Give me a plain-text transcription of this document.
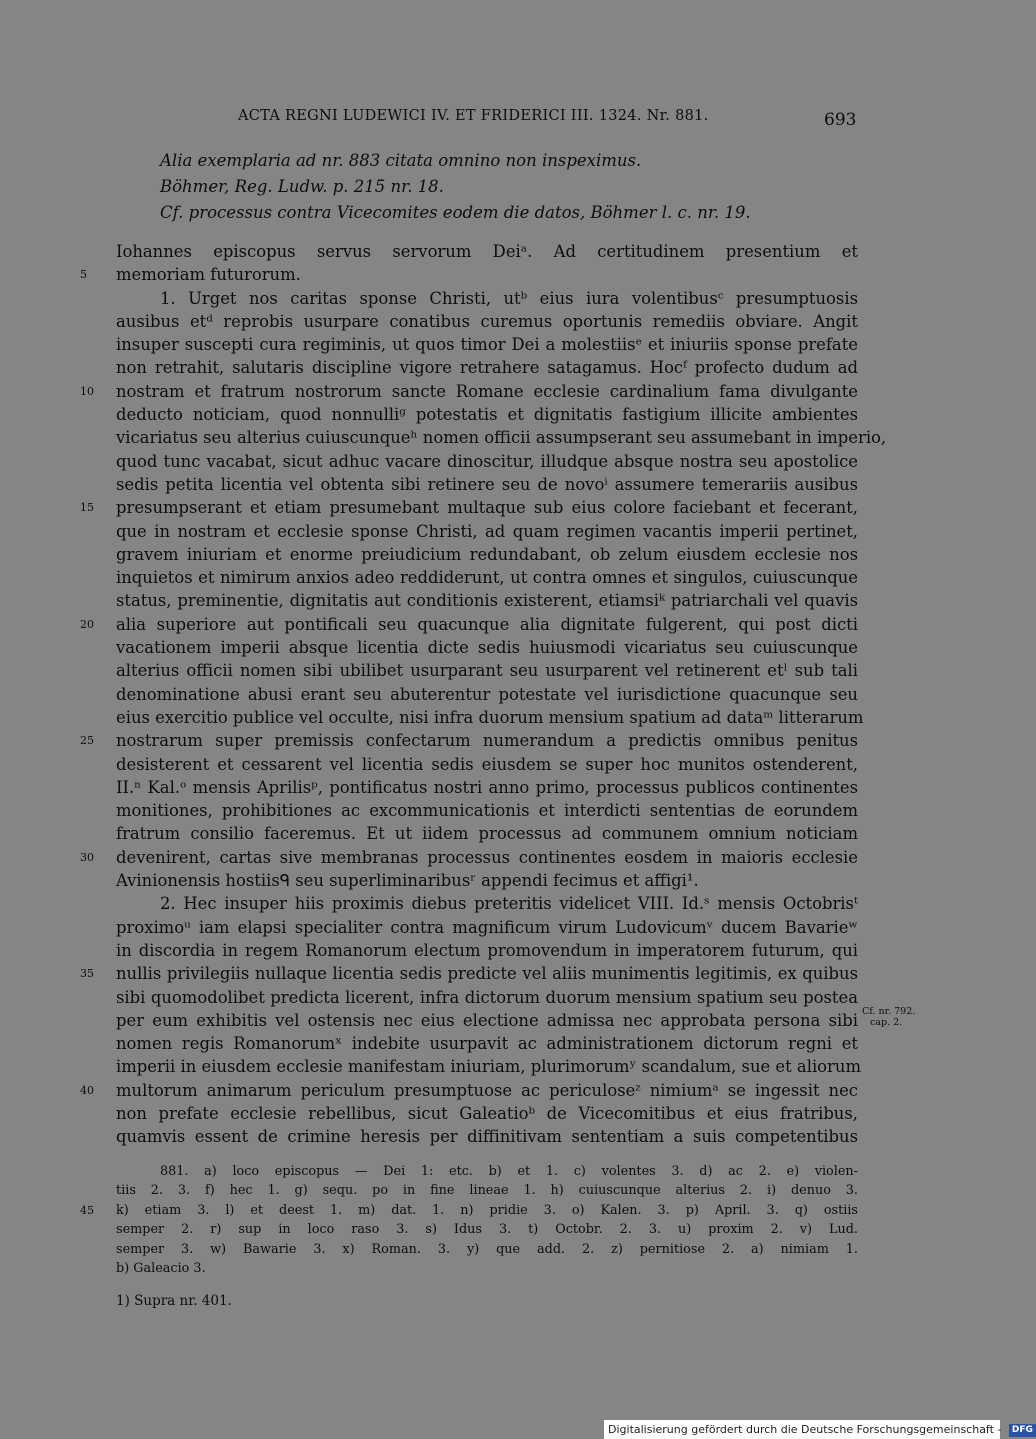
ACTA REGNI LUDEWICI IV. ET FRIDERICI III. 1324. Nr. 881.	693
Alia exemplaria ad nr. 883 citata omnino non inspeximus.
Böhmer, Reg. Ludw. p. 215 nr. 18.
Cf. processus contra Vicecomites eodem die datos, Böhmer l. c. nr. 19.
Iohannes episcopus servus servorum Deiᵃ. Ad certitudinem presentium et
memoriam futurorum.
5
1. Urget nos caritas sponse Christi, utᵇ eius iura volentibusᶜ presumptuosis
ausibus etᵈ reprobis usurpare conatibus curemus oportunis remediis obviare. Angit
insuper suscepti cura regiminis, ut quos timor Dei a molestiisᵉ et iniuriis sponse prefate
non retrahit, salutaris discipline vigore retrahere satagamus. Hocᶠ profecto dudum ad
nostram et fratrum nostrorum sancte Romane ecclesie cardinalium fama divulgante
10
deducto noticiam, quod nonnulliᵍ potestatis et dignitatis fastigium illicite ambientes
vicariatus seu alterius cuiuscunqueʰ nomen officii assumpserant seu assumebant in imperio,
quod tunc vacabat, sicut adhuc vacare dinoscitur, illudque absque nostra seu apostolice
sedis petita licentia vel obtenta sibi retinere seu de novoⁱ assumere temerariis ausibus
presumpserant et etiam presumebant multaque sub eius colore faciebant et fecerant,
15
que in nostram et ecclesie sponse Christi, ad quam regimen vacantis imperii pertinet,
gravem iniuriam et enorme preiudicium redundabant, ob zelum eiusdem ecclesie nos
inquietos et nimirum anxios adeo reddiderunt, ut contra omnes et singulos, cuiuscunque
status, preminentie, dignitatis aut conditionis existerent, etiamsiᵏ patriarchali vel quavis
alia superiore aut pontificali seu quacunque alia dignitate fulgerent, qui post dicti
20
vacationem imperii absque licentia dicte sedis huiusmodi vicariatus seu cuiuscunque
alterius officii nomen sibi ubilibet usurparant seu usurparent vel retinerent etˡ sub tali
denominatione abusi erant seu abuterentur potestate vel iurisdictione quacunque seu
eius exercitio publice vel occulte, nisi infra duorum mensium spatium ad dataᵐ litterarum
nostrarum super premissis confectarum numerandum a predictis omnibus penitus
25
desisterent et cessarent vel licentia sedis eiusdem se super hoc munitos ostenderent,
II.ⁿ Kal.ᵒ mensis Aprilisᵖ, pontificatus nostri anno primo, processus publicos continentes
monitiones, prohibitiones ac excommunicationis et interdicti sententias de eorundem
fratrum consilio faceremus. Et ut iidem processus ad communem omnium noticiam
devenirent, cartas sive membranas processus continentes eosdem in maioris ecclesie
30
Avinionensis hostiisᑫ seu superliminaribusʳ appendi fecimus et affigi¹.
2. Hec insuper hiis proximis diebus preteritis videlicet VIII. Id.ˢ mensis Octobrisᵗ
proximoᵘ iam elapsi specialiter contra magnificum virum Ludovicumᵛ ducem Bavarieʷ
in discordia in regem Romanorum electum promovendum in imperatorem futurum, qui
nullis privilegiis nullaque licentia sedis predicte vel aliis munimentis legitimis, ex quibus
35
sibi quomodolibet predicta licerent, infra dictorum duorum mensium spatium seu postea
per eum exhibitis vel ostensis nec eius electione admissa nec approbata persona sibi
nomen regis Romanorumˣ indebite usurpavit ac administrationem dictorum regni et
imperii in eiusdem ecclesie manifestam iniuriam, plurimorumʸ scandalum, sue et aliorum
multorum animarum periculum presumptuose ac periculoseᶻ nimiumᵃ se ingessit nec
40
non prefate ecclesie rebellibus, sicut Galeatioᵇ de Vicecomitibus et eius fratribus,
quamvis essent de crimine heresis per diffinitivam sententiam a suis competentibus
Cf. nr. 792.
cap. 2.
881. a) loco episcopus — Dei 1: etc. b) et 1. c) volentes 3. d) ac 2. e) violen-
tiis 2. 3. f) hec 1. g) sequ. po in fine lineae 1. h) cuiuscunque alterius 2. i) denuo 3.
k) etiam 3. l) et deest 1. m) dat. 1. n) pridie 3. o) Kalen. 3. p) April. 3. q) ostiis
45
semper 2. r) sup in loco raso 3. s) Idus 3. t) Octobr. 2. 3. u) proxim 2. v) Lud.
semper 3. w) Bawarie 3. x) Roman. 3. y) que add. 2. z) pernitiose 2. a) nimiam 1.
b) Galeacio 3.
1) Supra nr. 401.
Digitalisierung gefördert durch die Deutsche Forschungsgemeinschaft - DFG
